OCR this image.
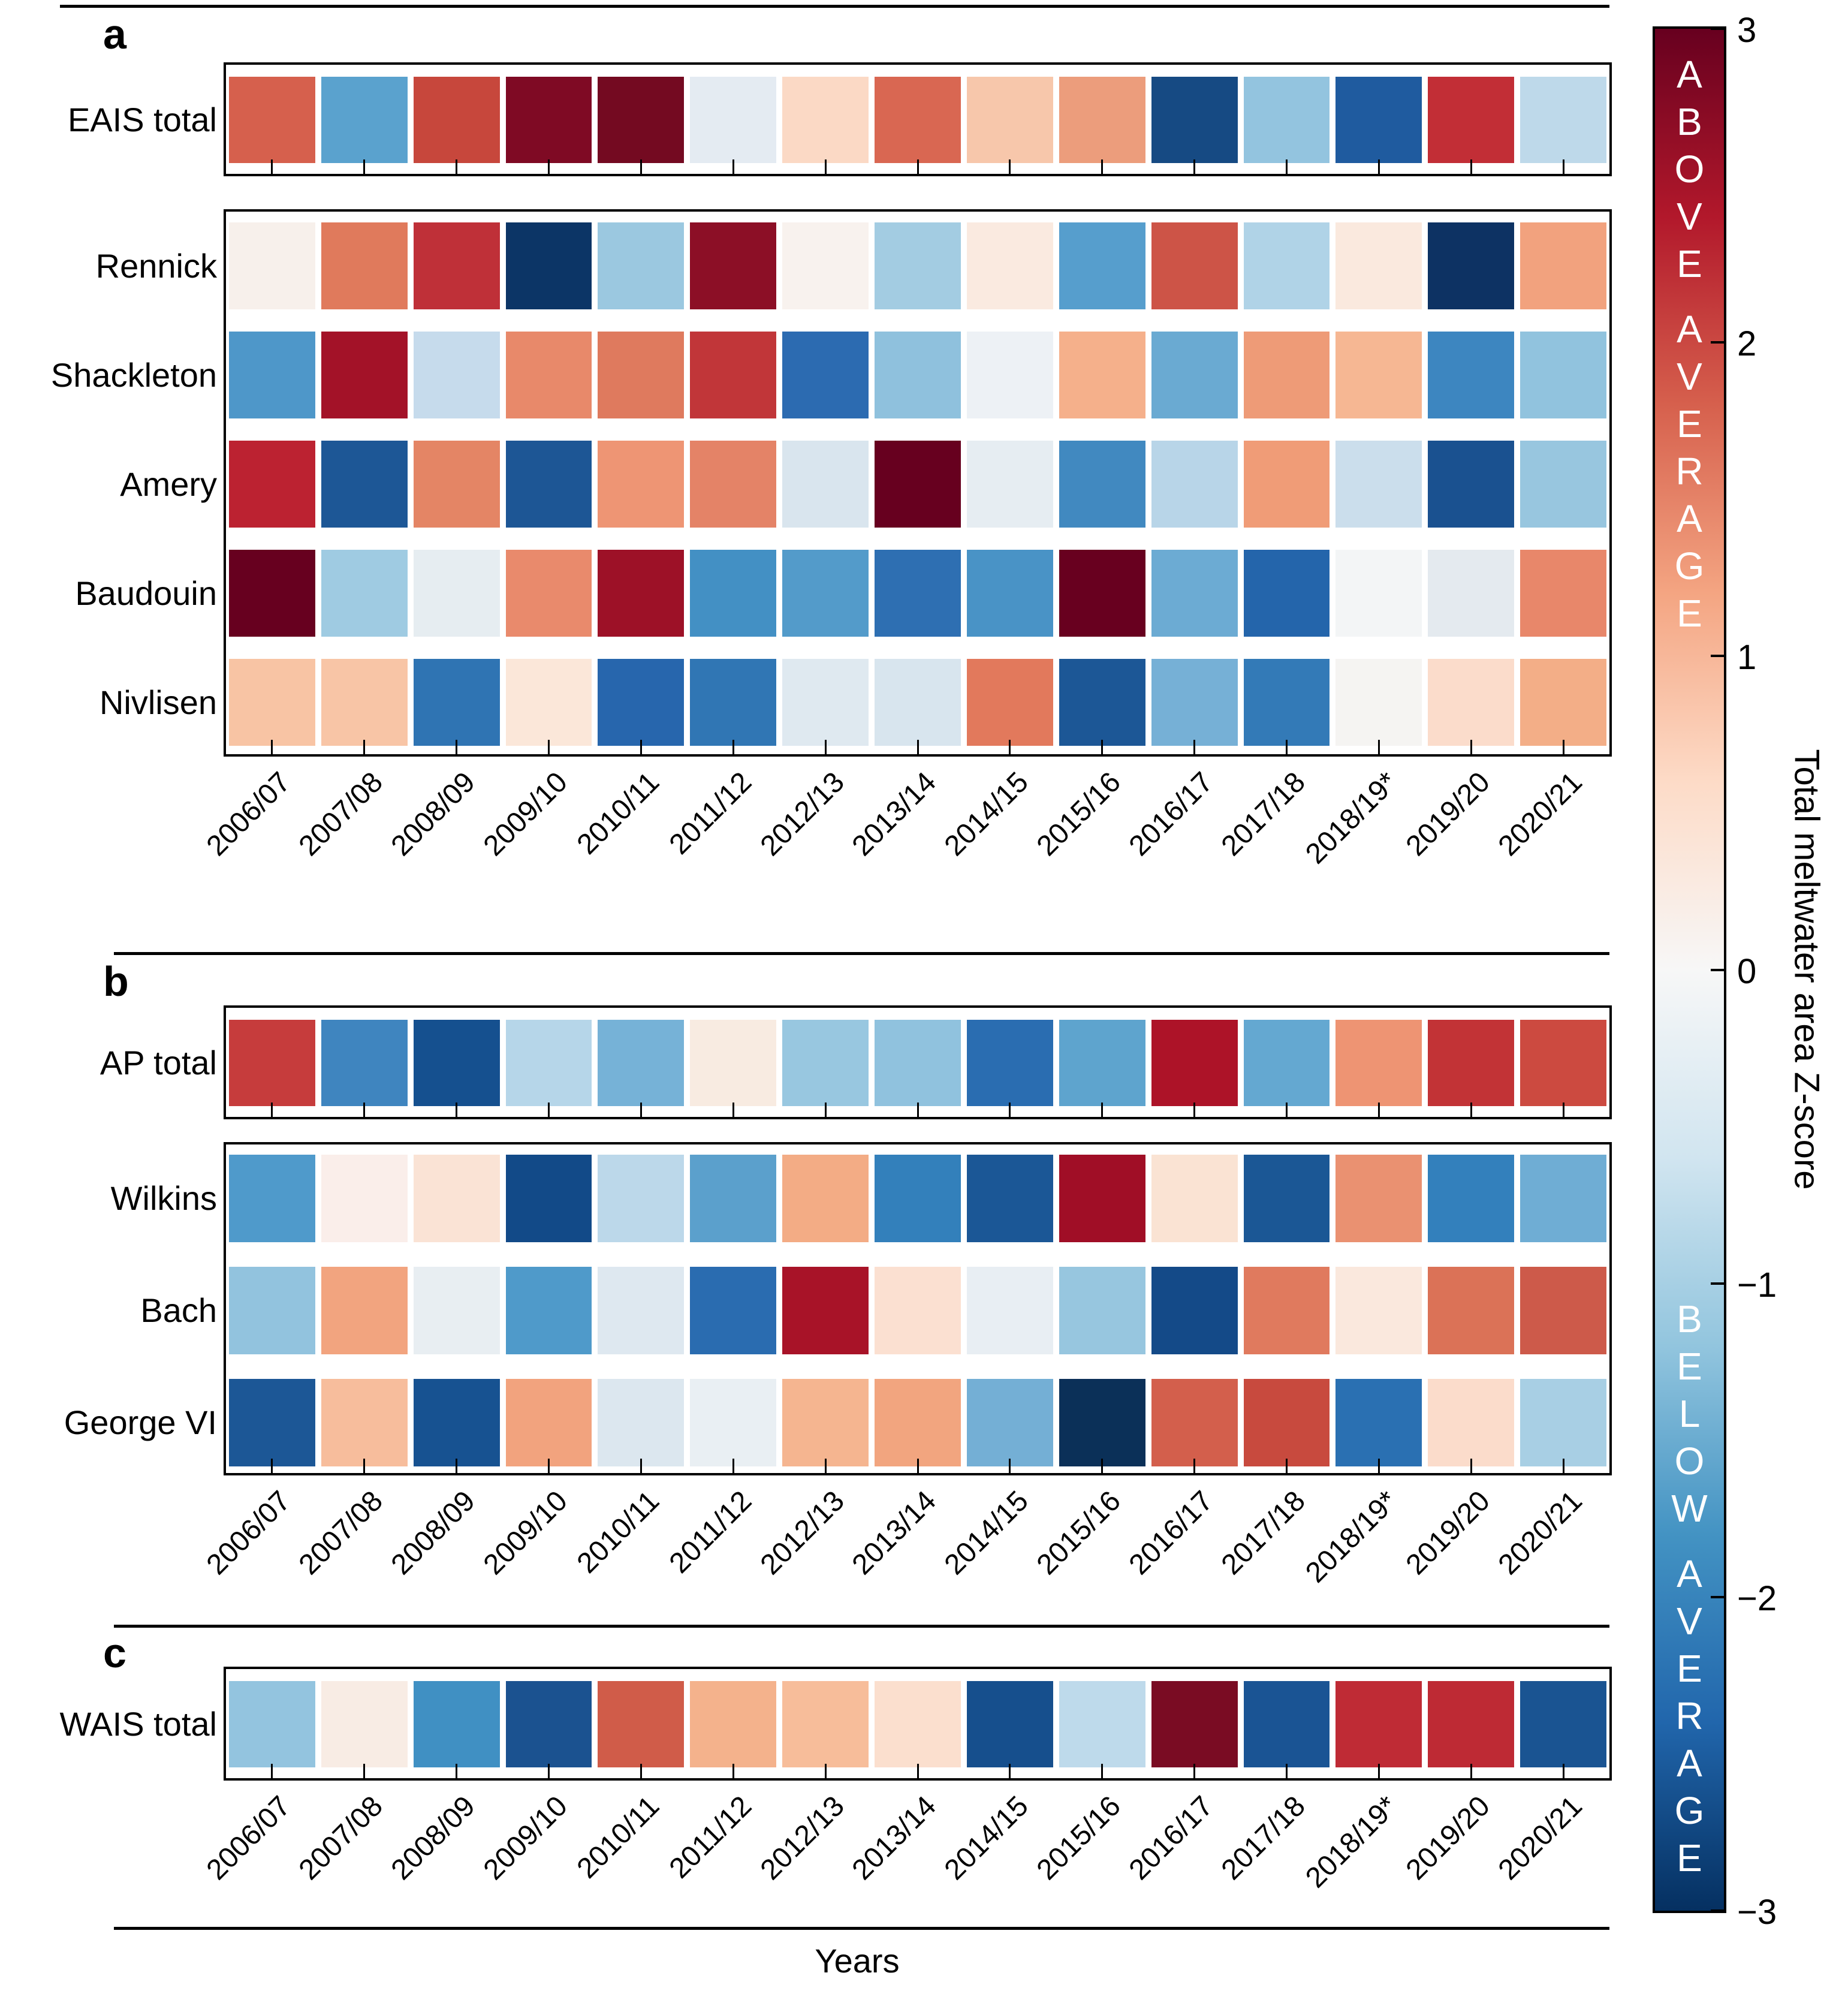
a
b
c
EAIS total
Rennick
Shackleton
Amery
Baudouin
Nivlisen
2006/07
2007/08
2008/09
2009/10
2010/11
2011/12
2012/13
2013/14
2014/15
2015/16
2016/17
2017/18
2018/19*
2019/20
2020/21
AP total
Wilkins
Bach
George VI
2006/07
2007/08
2008/09
2009/10
2010/11
2011/12
2012/13
2013/14
2014/15
2015/16
2016/17
2017/18
2018/19*
2019/20
2020/21
WAIS total
2006/07
2007/08
2008/09
2009/10
2010/11
2011/12
2012/13
2013/14
2014/15
2015/16
2016/17
2017/18
2018/19*
2019/20
2020/21
Years
3
2
1
0
−1
−2
−3
A
B
O
V
E
A
V
E
R
A
G
E
B
E
L
O
W
A
V
E
R
A
G
E
Total meltwater area Z-score
